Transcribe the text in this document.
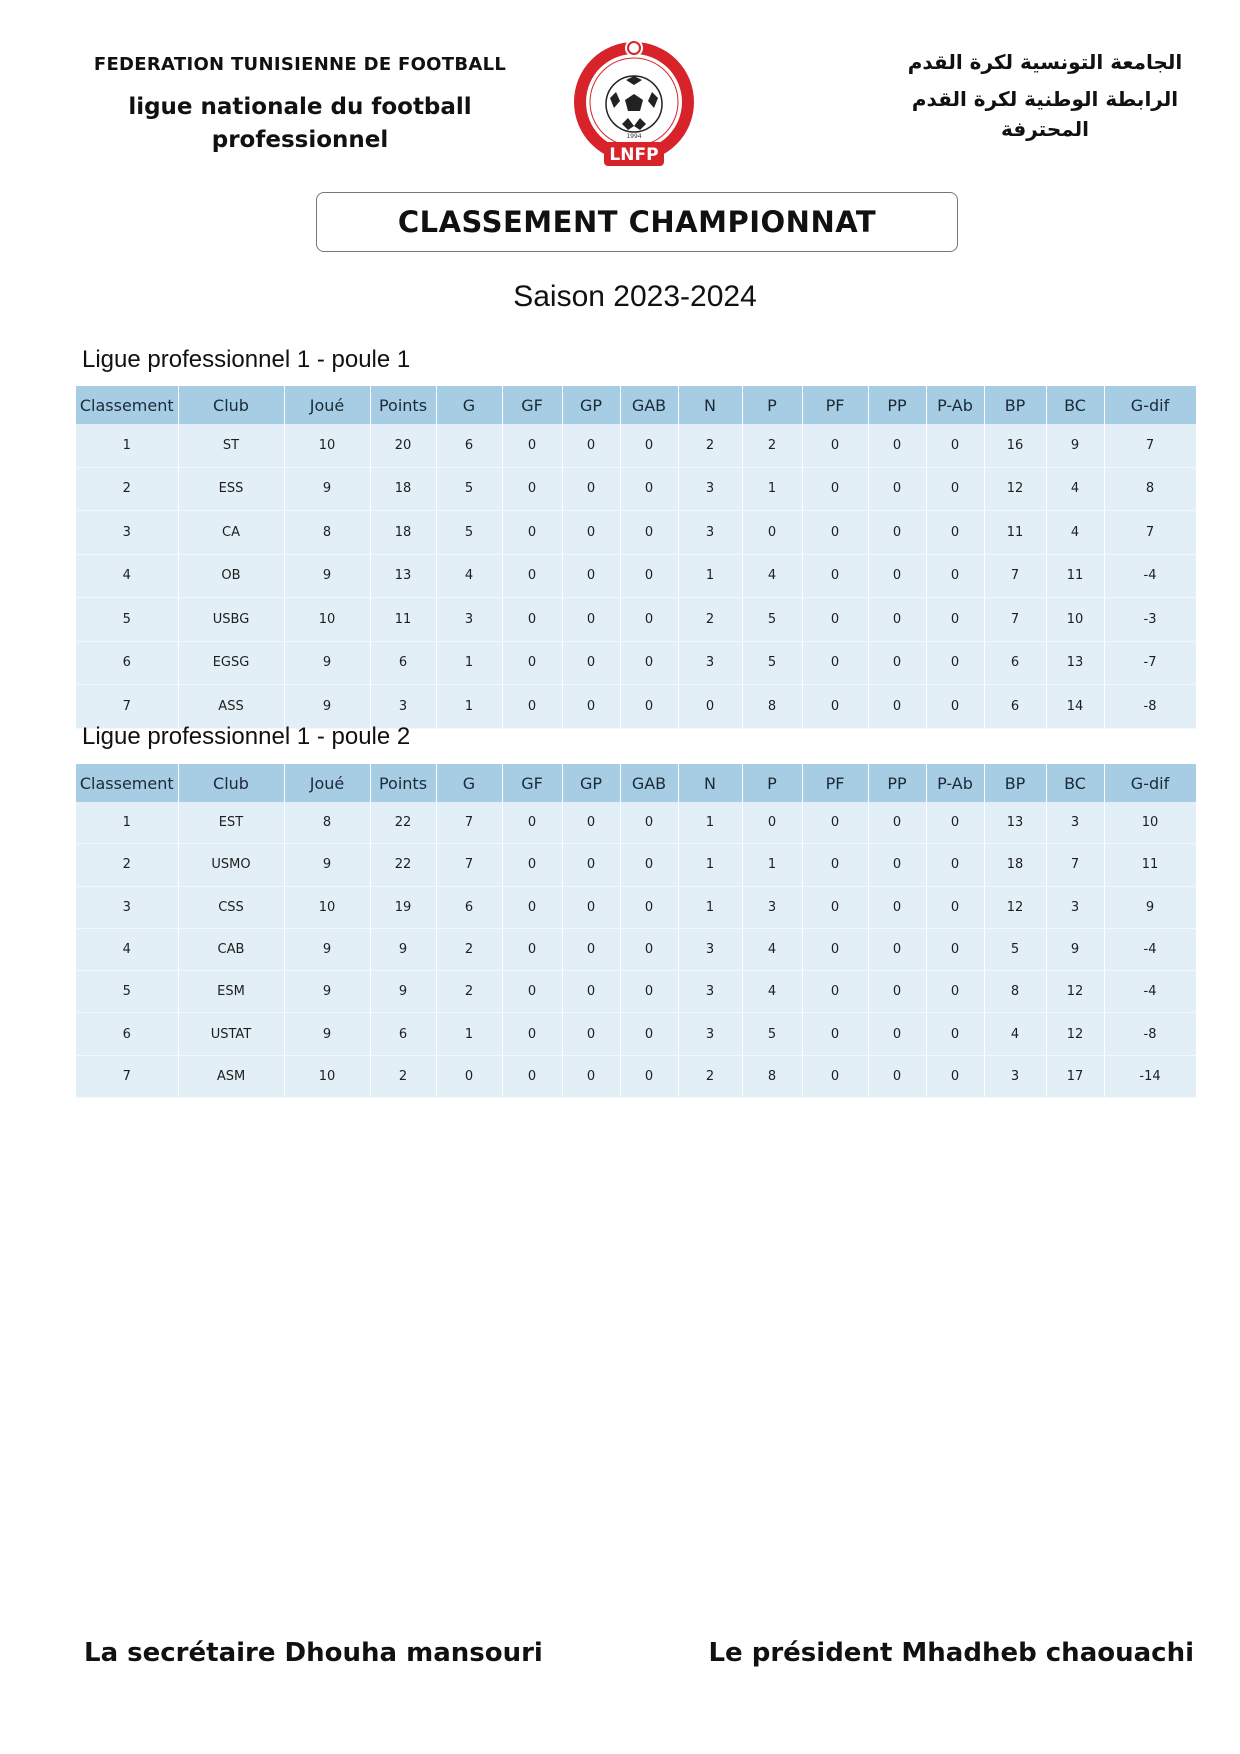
FEDERATION TUNISIENNE DE FOOTBALL
ligue nationale du football
professionnel
LNFP
1994
الجامعة التونسية لكرة القدم
الرابطة الوطنية لكرة القدم
المحترفة
CLASSEMENT CHAMPIONNAT
Saison 2023-2024
Ligue professionnel 1 - poule 1
Classement	Club	Joué	Points	G	GF	GP	GAB	N	P	PF	PP	P-Ab	BP	BC	G-dif
1	ST	10	20	6	0	0	0	2	2	0	0	0	16	9	7
2	ESS	9	18	5	0	0	0	3	1	0	0	0	12	4	8
3	CA	8	18	5	0	0	0	3	0	0	0	0	11	4	7
4	OB	9	13	4	0	0	0	1	4	0	0	0	7	11	-4
5	USBG	10	11	3	0	0	0	2	5	0	0	0	7	10	-3
6	EGSG	9	6	1	0	0	0	3	5	0	0	0	6	13	-7
7	ASS	9	3	1	0	0	0	0	8	0	0	0	6	14	-8
Ligue professionnel 1 - poule 2
Classement	Club	Joué	Points	G	GF	GP	GAB	N	P	PF	PP	P-Ab	BP	BC	G-dif
1	EST	8	22	7	0	0	0	1	0	0	0	0	13	3	10
2	USMO	9	22	7	0	0	0	1	1	0	0	0	18	7	11
3	CSS	10	19	6	0	0	0	1	3	0	0	0	12	3	9
4	CAB	9	9	2	0	0	0	3	4	0	0	0	5	9	-4
5	ESM	9	9	2	0	0	0	3	4	0	0	0	8	12	-4
6	USTAT	9	6	1	0	0	0	3	5	0	0	0	4	12	-8
7	ASM	10	2	0	0	0	0	2	8	0	0	0	3	17	-14
La secrétaire Dhouha mansouri	Le président Mhadheb chaouachi
